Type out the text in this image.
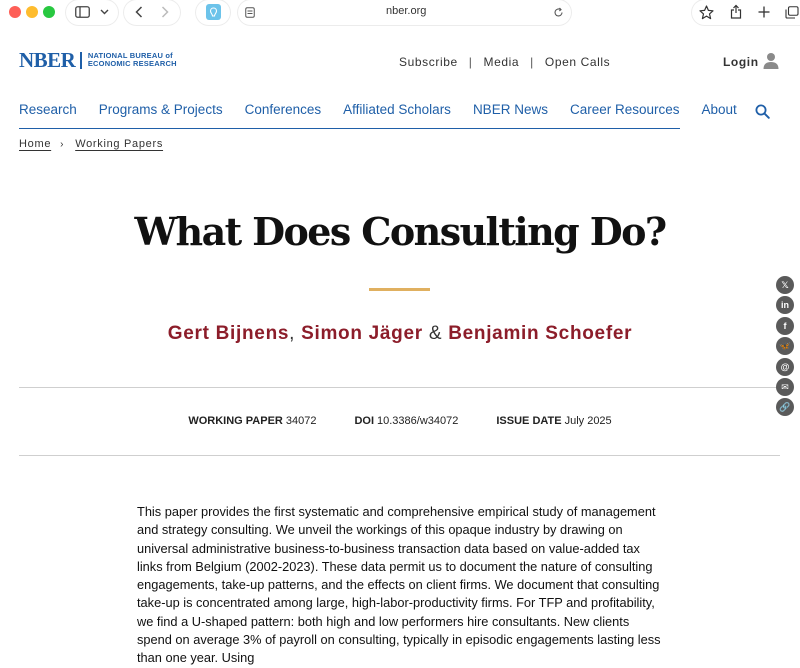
nber.org
NBER NATIONAL BUREAU of
ECONOMIC RESEARCH	Subscribe | Media | Open Calls	Login
Research Programs & Projects Conferences Affiliated Scholars NBER News Career Resources About
Home › Working Papers
What Does Consulting Do?
Gert Bijnens, Simon Jäger & Benjamin Schoefer
WORKING PAPER 34072	DOI 10.3386/w34072	ISSUE DATE July 2025

This paper provides the first systematic and comprehensive empirical study of management and strategy consulting. We unveil the workings of this opaque industry by drawing on universal administrative business-to-business transaction data based on value-added tax links from Belgium (2002-2023). These data permit us to document the nature of consulting engagements, take-up patterns, and the effects on client firms. We document that consulting take-up is concentrated among large, high-labor-productivity firms. For TFP and profitability, we find a U-shaped pattern: both high and low performers hire consultants. New clients spend on average 3% of payroll on consulting, typically in episodic engagements lasting less than one year. Using

𝕏
in
f
🦋
@
✉
🔗
